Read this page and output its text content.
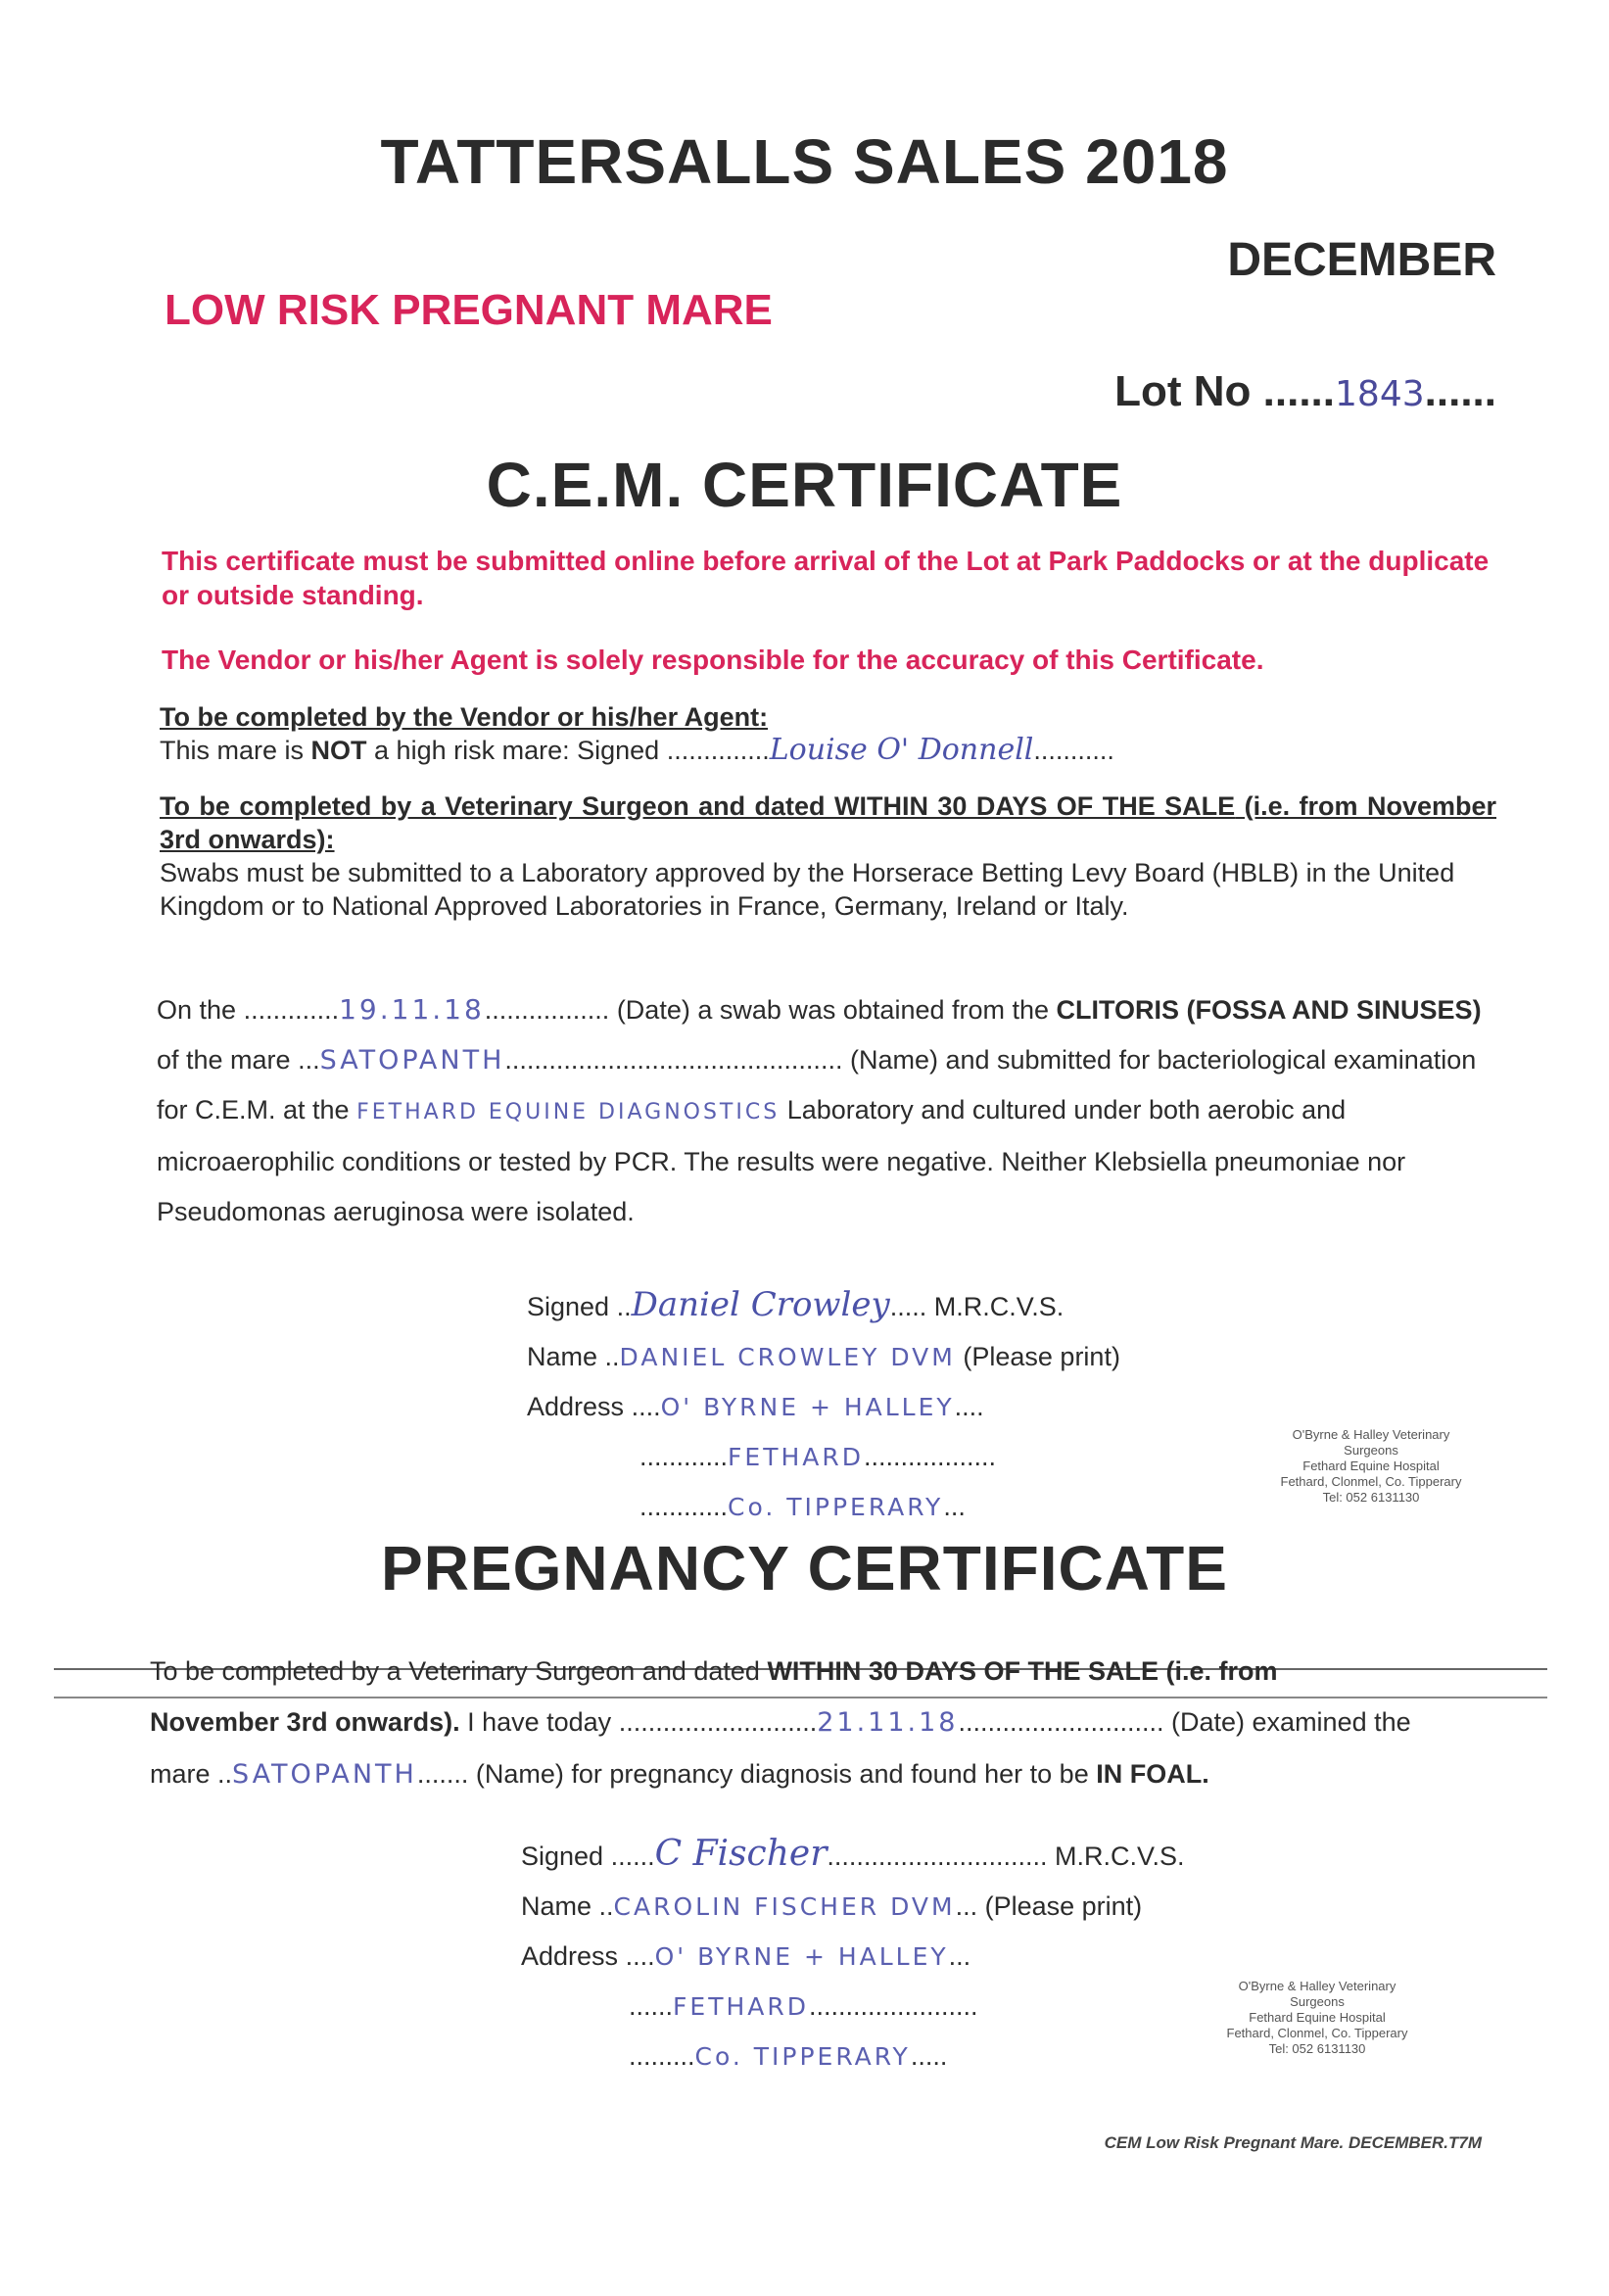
TATTERSALLS SALES 2018
DECEMBER
LOW RISK PREGNANT MARE
Lot No ......1843......
C.E.M. CERTIFICATE
This certificate must be submitted online before arrival of the Lot at Park Paddocks or at the duplicate or outside standing.
The Vendor or his/her Agent is solely responsible for the accuracy of this Certificate.
To be completed by the Vendor or his/her Agent:
This mare is NOT a high risk mare: Signed ..............Louise O' Donnell...........
To be completed by a Veterinary Surgeon and dated WITHIN 30 DAYS OF THE SALE (i.e. from November 3rd onwards):
Swabs must be submitted to a Laboratory approved by the Horserace Betting Levy Board (HBLB) in the United Kingdom or to National Approved Laboratories in France, Germany, Ireland or Italy.
On the .............19.11.18................. (Date) a swab was obtained from the CLITORIS (FOSSA AND SINUSES) of the mare ...SATOPANTH.............................................. (Name) and submitted for bacteriological examination for C.E.M. at the FETHARD EQUINE DIAGNOSTICS Laboratory and cultured under both aerobic and microaerophilic conditions or tested by PCR. The results were negative. Neither Klebsiella pneumoniae nor Pseudomonas aeruginosa were isolated.
Signed ..Daniel Crowley..... M.R.C.V.S.
Name ..DANIEL CROWLEY DVM (Please print)
Address ....O' BYRNE + HALLEY....
............FETHARD..................
............Co. TIPPERARY...
O'Byrne & Halley Veterinary Surgeons
Fethard Equine Hospital
Fethard, Clonmel, Co. Tipperary
Tel: 052 6131130
PREGNANCY CERTIFICATE
To be completed by a Veterinary Surgeon and dated WITHIN 30 DAYS OF THE SALE (i.e. from
November 3rd onwards). I have today ...........................21.11.18............................ (Date) examined the
mare ..SATOPANTH....... (Name) for pregnancy diagnosis and found her to be IN FOAL.
Signed ......C Fischer.............................. M.R.C.V.S.
Name ..CAROLIN FISCHER DVM... (Please print)
Address ....O' BYRNE + HALLEY...
......FETHARD.......................
.........Co. TIPPERARY.....
O'Byrne & Halley Veterinary Surgeons
Fethard Equine Hospital
Fethard, Clonmel, Co. Tipperary
Tel: 052 6131130
CEM Low Risk Pregnant Mare. DECEMBER.T7M
